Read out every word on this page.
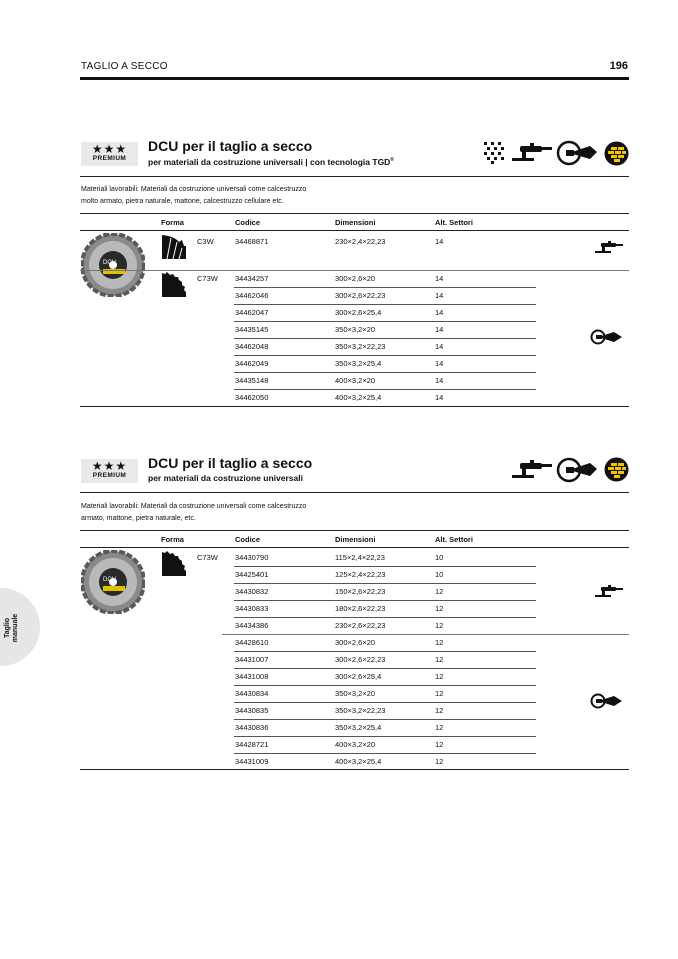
TAGLIO A SECCO	196
Taglio manuale
★★★
PREMIUM
DCU per il taglio a secco
per materiali da costruzione universali | con tecnologia TGD®
Materiali lavorabili: Materiali da costruzione universali come calcestruzzo
molto armato, pietra naturale, mattone, calcestruzzo cellulare etc.
Forma	Codice	Dimensioni	Alt. Settori
DCU
C3W
C73W
34468871	230×2,4×22,23	14
34434257	300×2,6×20	14
34462046	300×2,6×22,23	14
34462047	300×2,6×25,4	14
34435145	350×3,2×20	14
34462048	350×3,2×22,23	14
34462049	350×3,2×25,4	14
34435148	400×3,2×20	14
34462050	400×3,2×25,4	14
★★★
PREMIUM
DCU per il taglio a secco
per materiali da costruzione universali
Materiali lavorabili: Materiali da costruzione universali come calcestruzzo
armato, mattone, pietra naturale, etc.
Forma	Codice	Dimensioni	Alt. Settori
DCU
C73W 34430790	115×2,4×22,23	10
34425401	125×2,4×22,23	10
34430832	150×2,6×22,23	12
34430833	180×2,6×22,23	12
34434386	230×2,6×22,23	12
34428610	300×2,6×20	12
34431007	300×2,6×22,23	12
34431008	300×2,6×25,4	12
34430834	350×3,2×20	12
34430835	350×3,2×22,23	12
34430836	350×3,2×25,4	12
34428721	400×3,2×20	12
34431009	400×3,2×25,4	12
